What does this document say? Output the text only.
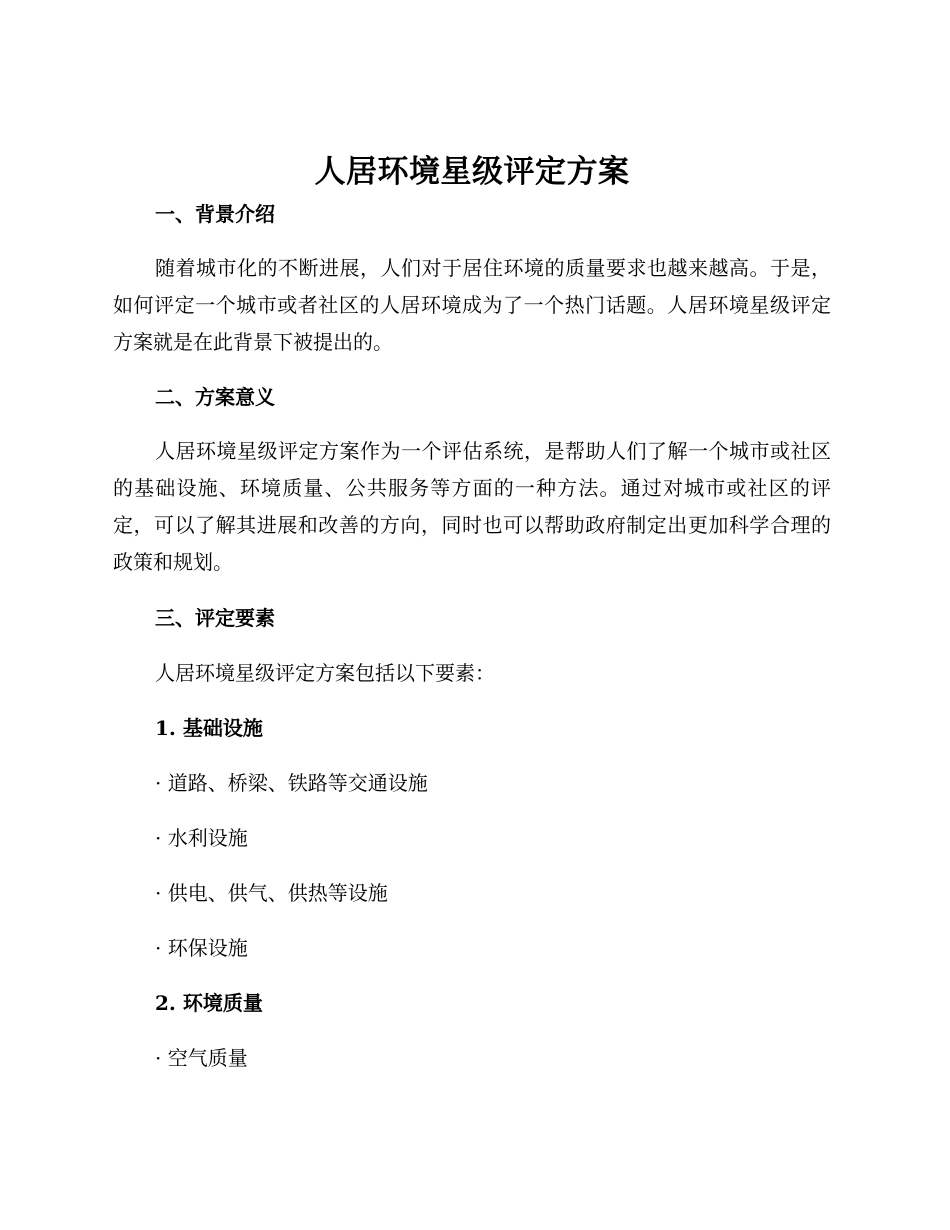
人居环境星级评定方案
一、背景介绍

随着城市化的不断进展，人们对于居住环境的质量要求也越来越高。于是，如何评定一个城市或者社区的人居环境成为了一个热门话题。人居环境星级评定方案就是在此背景下被提出的。

二、方案意义

人居环境星级评定方案作为一个评估系统，是帮助人们了解一个城市或社区的基础设施、环境质量、公共服务等方面的一种方法。通过对城市或社区的评定，可以了解其进展和改善的方向，同时也可以帮助政府制定出更加科学合理的政策和规划。

三、评定要素

人居环境星级评定方案包括以下要素：

1. 基础设施

· 道路、桥梁、铁路等交通设施

· 水利设施

· 供电、供气、供热等设施

· 环保设施

2. 环境质量

· 空气质量
